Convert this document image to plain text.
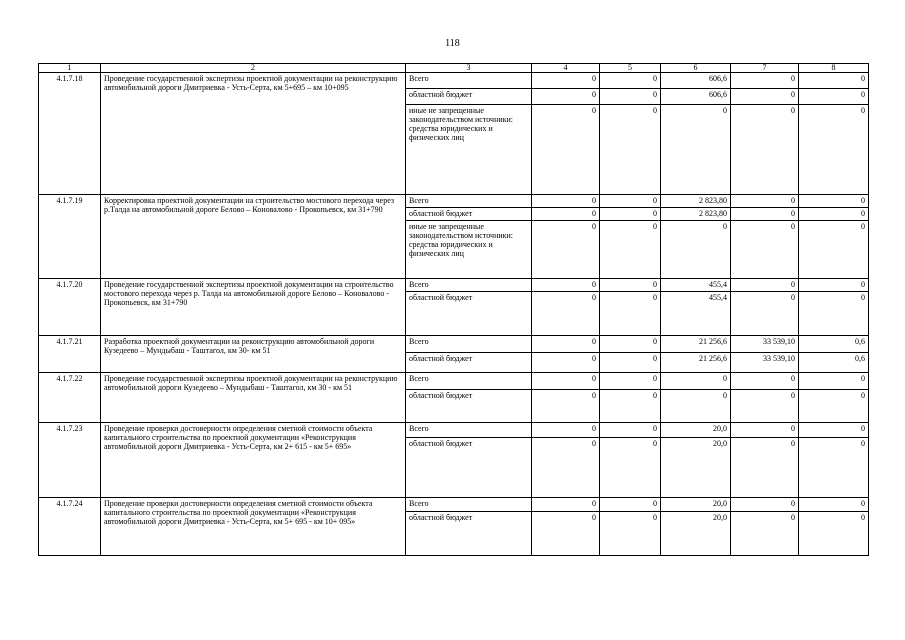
118
1	2	3	4	5	6	7	8
4.1.7.18	Проведение государственной экспертизы проектной документации на реконструкцию автомобильной дороги Дмитриевка - Усть-Серта, км 5+695 – км 10+095	Всего	0	0	606,6	0	0
		областной бюджет	0	0	606,6	0	0
		иные не запрещенные законодательством источники: средства юридических и физических лиц	0	0	0	0	0
4.1.7.19	Корректировка проектной документации на строительство мостового перехода через р.Талда на автомобильной дороге Белово – Коновалово - Прокопьевск, км 31+790	Всего	0	0	2 823,80	0	0
		областной бюджет	0	0	2 823,80	0	0
		иные не запрещенные законодательством источники: средства юридических и физических лиц	0	0	0	0	0
4.1.7.20	Проведение государственной экспертизы проектной документации на строительство мостового перехода через р. Талда на автомобильной дороге Белово – Коновалово - Прокопьевск, км 31+790	Всего	0	0	455,4	0	0
		областной бюджет	0	0	455,4	0	0
4.1.7.21	Разработка проектной документации на реконструкцию автомобильной дороги Кузедеево – Мундыбаш - Таштагол, км 30- км 51	Всего	0	0	21 256,6	33 539,10	0,6
		областной бюджет	0	0	21 256,6	33 539,10	0,6
4.1.7.22	Проведение государственной экспертизы проектной документации на реконструкцию автомобильной дороги Кузедеево – Мундыбаш - Таштагол, км 30 - км 51	Всего	0	0	0	0	0
		областной бюджет	0	0	0	0	0
4.1.7.23	Проведение проверки достоверности определения сметной стоимости объекта капитального строительства по проектной документации «Реконструкция автомобильной дороги Дмитриевка - Усть-Серта, км 2+ 615 - км 5+ 695»	Всего	0	0	20,0	0	0
		областной бюджет	0	0	20,0	0	0
4.1.7.24	Проведение проверки достоверности определения сметной стоимости объекта капитального строительства по проектной документации «Реконструкция автомобильной дороги Дмитриевка - Усть-Серта, км 5+ 695 - км 10+ 095»	Всего	0	0	20,0	0	0
		областной бюджет	0	0	20,0	0	0
